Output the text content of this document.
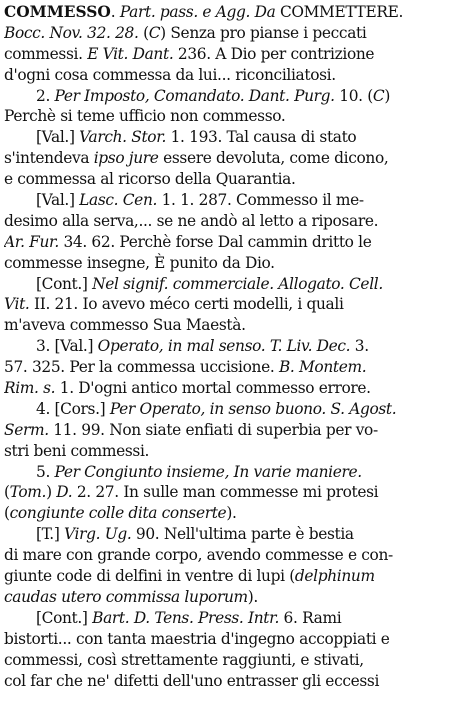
COMMESSO. Part. pass. e Agg. Da COMMETTERE.
Bocc. Nov. 32. 28. (C) Senza pro pianse i peccati
commessi. E Vit. Dant. 236. A Dio per contrizione
d'ogni cosa commessa da lui... riconciliatosi.
2. Per Imposto, Comandato. Dant. Purg. 10. (C)
Perchè si teme ufficio non commesso.
[Val.] Varch. Stor. 1. 193. Tal causa di stato
s'intendeva ipso jure essere devoluta, come dicono,
e commessa al ricorso della Quarantia.
[Val.] Lasc. Cen. 1. 1. 287. Commesso il me-
desimo alla serva,... se ne andò al letto a riposare.
Ar. Fur. 34. 62. Perchè forse Dal cammin dritto le
commesse insegne, È punito da Dio.
[Cont.] Nel signif. commerciale. Allogato. Cell.
Vit. II. 21. Io avevo méco certi modelli, i quali
m'aveva commesso Sua Maestà.
3. [Val.] Operato, in mal senso. T. Liv. Dec. 3.
57. 325. Per la commessa uccisione. B. Montem.
Rim. s. 1. D'ogni antico mortal commesso errore.
4. [Cors.] Per Operato, in senso buono. S. Agost.
Serm. 11. 99. Non siate enfiati di superbia per vo-
stri beni commessi.
5. Per Congiunto insieme, In varie maniere.
(Tom.) D. 2. 27. In sulle man commesse mi protesi
(congiunte colle dita conserte).
[T.] Virg. Ug. 90. Nell'ultima parte è bestia
di mare con grande corpo, avendo commesse e con-
giunte code di delfini in ventre di lupi (delphinum
caudas utero commissa luporum).
[Cont.] Bart. D. Tens. Press. Intr. 6. Rami
bistorti... con tanta maestria d'ingegno accoppiati e
commessi, così strettamente raggiunti, e stivati,
col far che ne' difetti dell'uno entrasser gli eccessi
